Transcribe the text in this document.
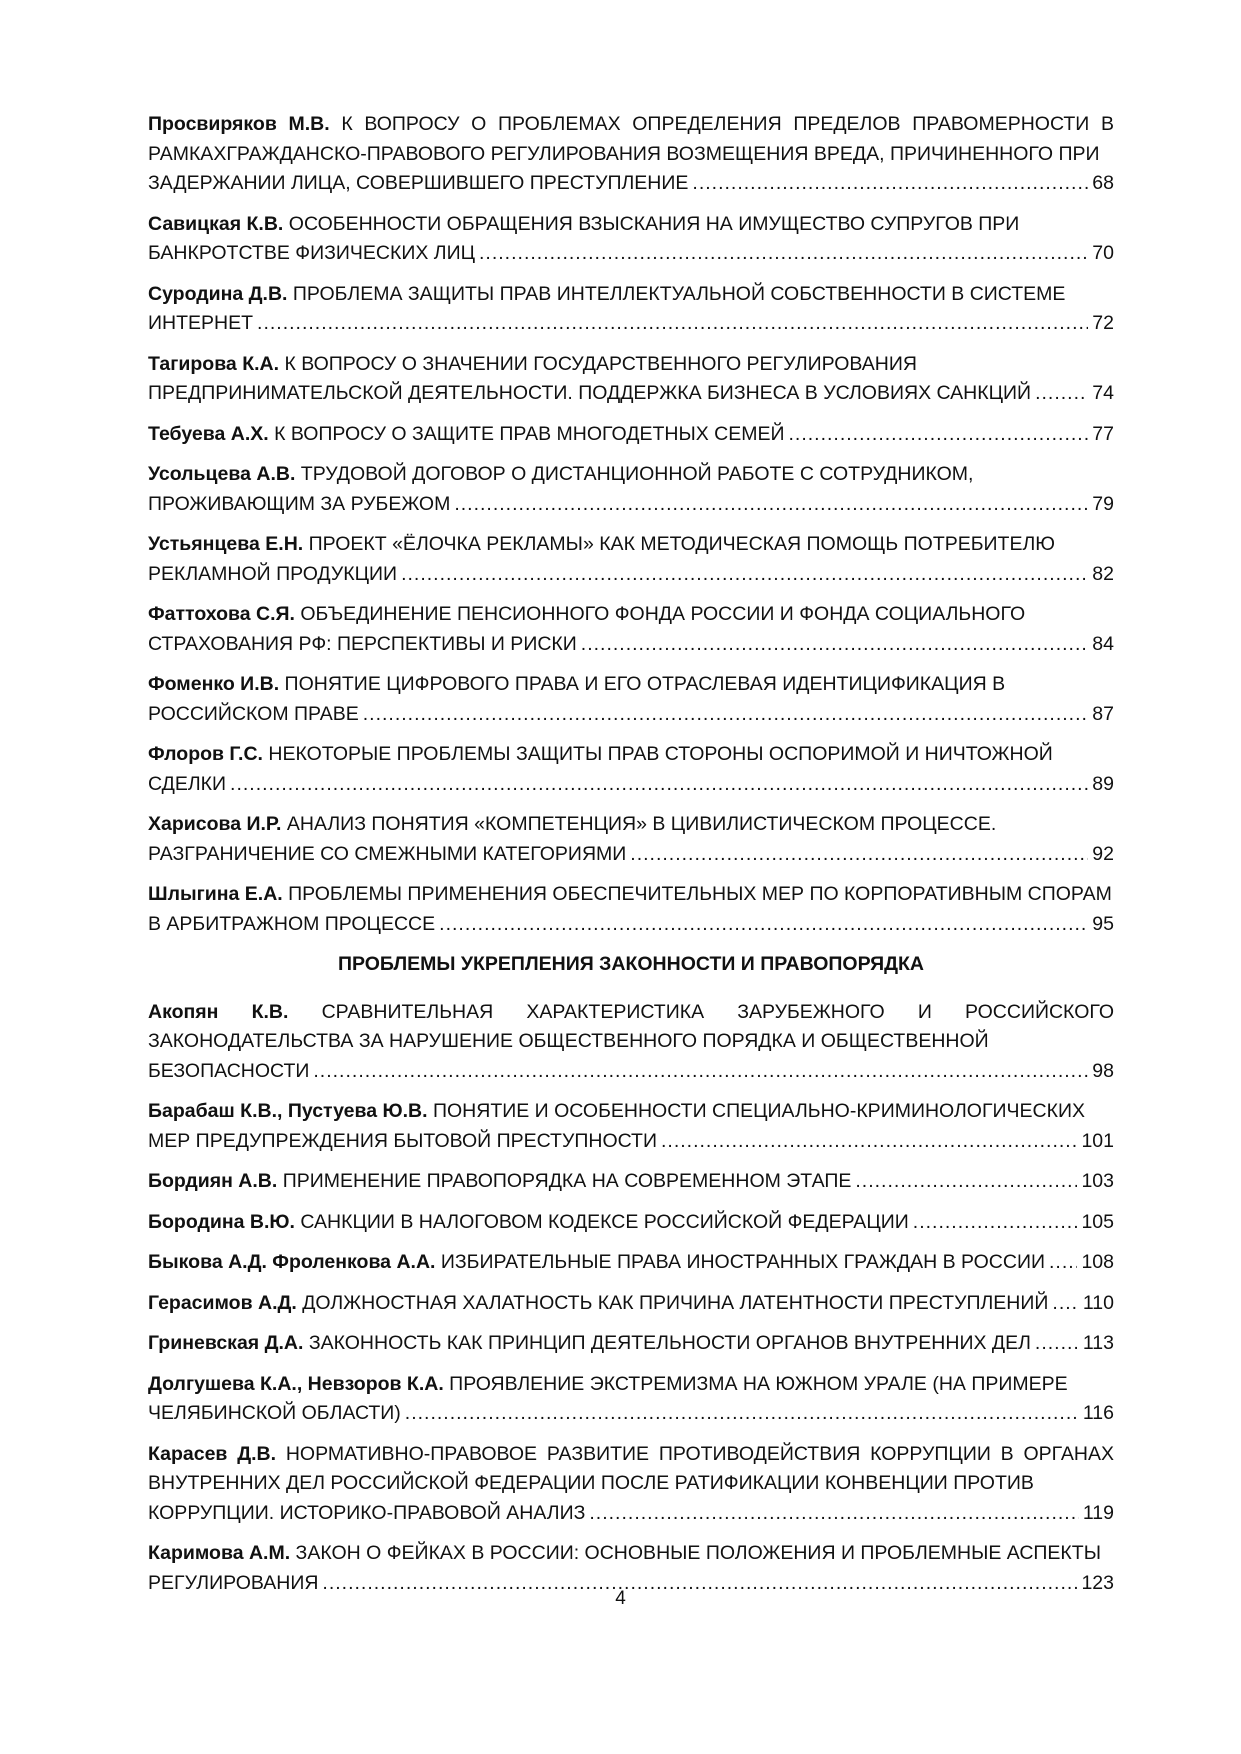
Просвиряков М.В. К ВОПРОСУ О ПРОБЛЕМАХ ОПРЕДЕЛЕНИЯ ПРЕДЕЛОВ ПРАВОМЕРНОСТИ В РАМКАХГРАЖДАНСКО-ПРАВОВОГО РЕГУЛИРОВАНИЯ ВОЗМЕЩЕНИЯ ВРЕДА, ПРИЧИНЕННОГО ПРИ
ЗАДЕРЖАНИИ ЛИЦА, СОВЕРШИВШЕГО ПРЕСТУПЛЕНИЕ .....	68
Савицкая К.В. ОСОБЕННОСТИ ОБРАЩЕНИЯ ВЗЫСКАНИЯ НА ИМУЩЕСТВО СУПРУГОВ ПРИ
БАНКРОТСТВЕ ФИЗИЧЕСКИХ ЛИЦ .....	70
Суродина Д.В. ПРОБЛЕМА ЗАЩИТЫ ПРАВ ИНТЕЛЛЕКТУАЛЬНОЙ СОБСТВЕННОСТИ В СИСТЕМЕ
ИНТЕРНЕТ .....	72
Тагирова К.А. К ВОПРОСУ О ЗНАЧЕНИИ ГОСУДАРСТВЕННОГО РЕГУЛИРОВАНИЯ
ПРЕДПРИНИМАТЕЛЬСКОЙ ДЕЯТЕЛЬНОСТИ. ПОДДЕРЖКА БИЗНЕСА В УСЛОВИЯХ САНКЦИЙ .....	74
Тебуева А.Х. К ВОПРОСУ О ЗАЩИТЕ ПРАВ МНОГОДЕТНЫХ СЕМЕЙ .....	77
Усольцева А.В. ТРУДОВОЙ ДОГОВОР О ДИСТАНЦИОННОЙ РАБОТЕ С СОТРУДНИКОМ,
ПРОЖИВАЮЩИМ ЗА РУБЕЖОМ .....	79
Устьянцева Е.Н. ПРОЕКТ «ЁЛОЧКА РЕКЛАМЫ» КАК МЕТОДИЧЕСКАЯ ПОМОЩЬ ПОТРЕБИТЕЛЮ
РЕКЛАМНОЙ ПРОДУКЦИИ .....	82
Фаттохова С.Я. ОБЪЕДИНЕНИЕ ПЕНСИОННОГО ФОНДА РОССИИ И ФОНДА СОЦИАЛЬНОГО
СТРАХОВАНИЯ РФ: ПЕРСПЕКТИВЫ И РИСКИ .....	84
Фоменко И.В. ПОНЯТИЕ ЦИФРОВОГО ПРАВА И ЕГО ОТРАСЛЕВАЯ ИДЕНТИЦИФИКАЦИЯ В
РОССИЙСКОМ ПРАВЕ .....	87
Флоров Г.С. НЕКОТОРЫЕ ПРОБЛЕМЫ ЗАЩИТЫ ПРАВ СТОРОНЫ ОСПОРИМОЙ И НИЧТОЖНОЙ
СДЕЛКИ .....	89
Харисова И.Р. АНАЛИЗ ПОНЯТИЯ «КОМПЕТЕНЦИЯ» В ЦИВИЛИСТИЧЕСКОМ ПРОЦЕССЕ.
РАЗГРАНИЧЕНИЕ СО СМЕЖНЫМИ КАТЕГОРИЯМИ .....	92
Шлыгина Е.А. ПРОБЛЕМЫ ПРИМЕНЕНИЯ ОБЕСПЕЧИТЕЛЬНЫХ МЕР ПО КОРПОРАТИВНЫМ СПОРАМ
В АРБИТРАЖНОМ ПРОЦЕССЕ .....	95
ПРОБЛЕМЫ УКРЕПЛЕНИЯ ЗАКОННОСТИ И ПРАВОПОРЯДКА
Акопян К.В. СРАВНИТЕЛЬНАЯ ХАРАКТЕРИСТИКА ЗАРУБЕЖНОГО И РОССИЙСКОГО ЗАКОНОДАТЕЛЬСТВА ЗА НАРУШЕНИЕ ОБЩЕСТВЕННОГО ПОРЯДКА И ОБЩЕСТВЕННОЙ
БЕЗОПАСНОСТИ .....	98
Барабаш К.В., Пустуева Ю.В. ПОНЯТИЕ И ОСОБЕННОСТИ СПЕЦИАЛЬНО-КРИМИНОЛОГИЧЕСКИХ
МЕР ПРЕДУПРЕЖДЕНИЯ БЫТОВОЙ ПРЕСТУПНОСТИ .....	101
Бордиян А.В. ПРИМЕНЕНИЕ ПРАВОПОРЯДКА НА СОВРЕМЕННОМ ЭТАПЕ .....	103
Бородина В.Ю. САНКЦИИ В НАЛОГОВОМ КОДЕКСЕ РОССИЙСКОЙ ФЕДЕРАЦИИ .....	105
Быкова А.Д. Фроленкова А.А. ИЗБИРАТЕЛЬНЫЕ ПРАВА ИНОСТРАННЫХ ГРАЖДАН В РОССИИ ..... 108
Герасимов А.Д. ДОЛЖНОСТНАЯ ХАЛАТНОСТЬ КАК ПРИЧИНА ЛАТЕНТНОСТИ ПРЕСТУПЛЕНИЙ ..... 110
Гриневская Д.А. ЗАКОННОСТЬ КАК ПРИНЦИП ДЕЯТЕЛЬНОСТИ ОРГАНОВ ВНУТРЕННИХ ДЕЛ .....	113
Долгушева К.А., Невзоров К.А. ПРОЯВЛЕНИЕ ЭКСТРЕМИЗМА НА ЮЖНОМ УРАЛЕ (НА ПРИМЕРЕ
ЧЕЛЯБИНСКОЙ ОБЛАСТИ) .....	116
Карасев Д.В. НОРМАТИВНО-ПРАВОВОЕ РАЗВИТИЕ ПРОТИВОДЕЙСТВИЯ КОРРУПЦИИ В ОРГАНАХ ВНУТРЕННИХ ДЕЛ РОССИЙСКОЙ ФЕДЕРАЦИИ ПОСЛЕ РАТИФИКАЦИИ КОНВЕНЦИИ ПРОТИВ
КОРРУПЦИИ. ИСТОРИКО-ПРАВОВОЙ АНАЛИЗ .....	119
Каримова А.М. ЗАКОН О ФЕЙКАХ В РОССИИ: ОСНОВНЫЕ ПОЛОЖЕНИЯ И ПРОБЛЕМНЫЕ АСПЕКТЫ
РЕГУЛИРОВАНИЯ .....	123
4
